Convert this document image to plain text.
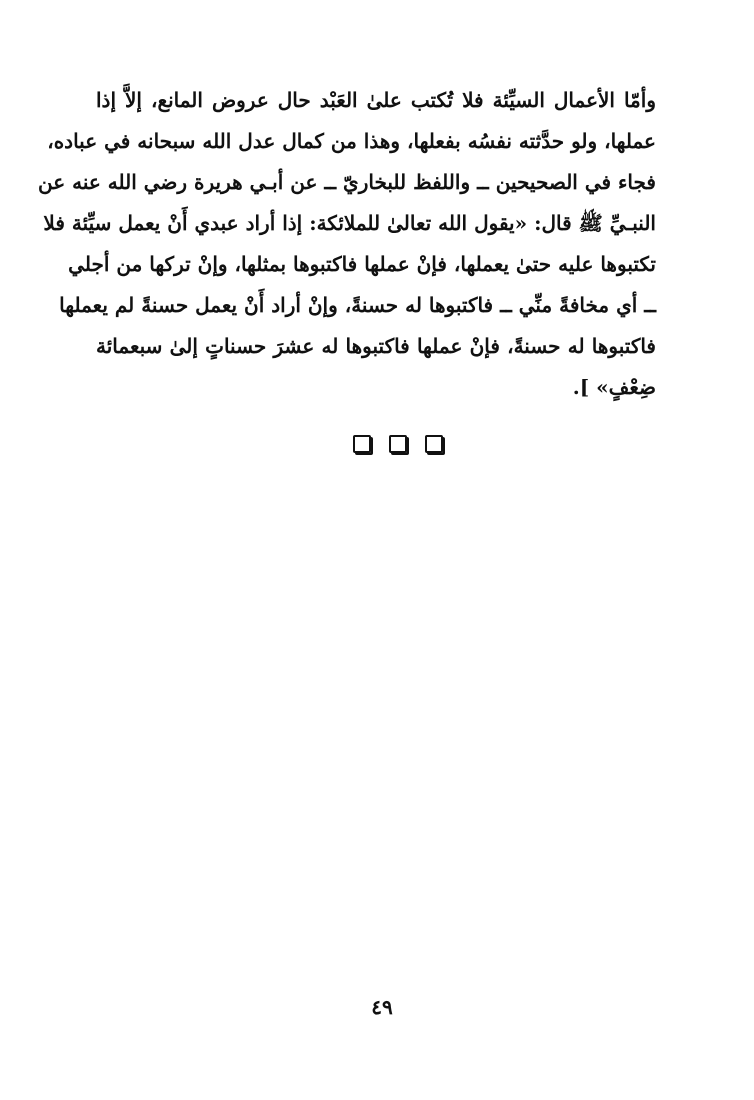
وأمّا الأعمال السيِّئة فلا تُكتب علىٰ العَبْد حال عروض المانع، إلاَّ إذا
عملها، ولو حدَّثته نفسُه بفعلها، وهذا من كمال عدل الله سبحانه في عباده،
فجاء في الصحيحين ــ واللفظ للبخاريّ ــ عن أبـي هريرة رضي الله عنه عن
النبـيِّ ﷺ قال: «يقول الله تعالىٰ للملائكة: إذا أراد عبدي أَنْ يعمل سيِّئة فلا
تكتبوها عليه حتىٰ يعملها، فإنْ عملها فاكتبوها بمثلها، وإنْ تركها من أجلي
ــ أي مخافةً منِّي ــ فاكتبوها له حسنةً، وإنْ أراد أَنْ يعمل حسنةً لم يعملها
فاكتبوها له حسنةً، فإنْ عملها فاكتبوها له عشرَ حسناتٍ إلىٰ سبعمائة
ضِعْفٍ» ].
٤٩
